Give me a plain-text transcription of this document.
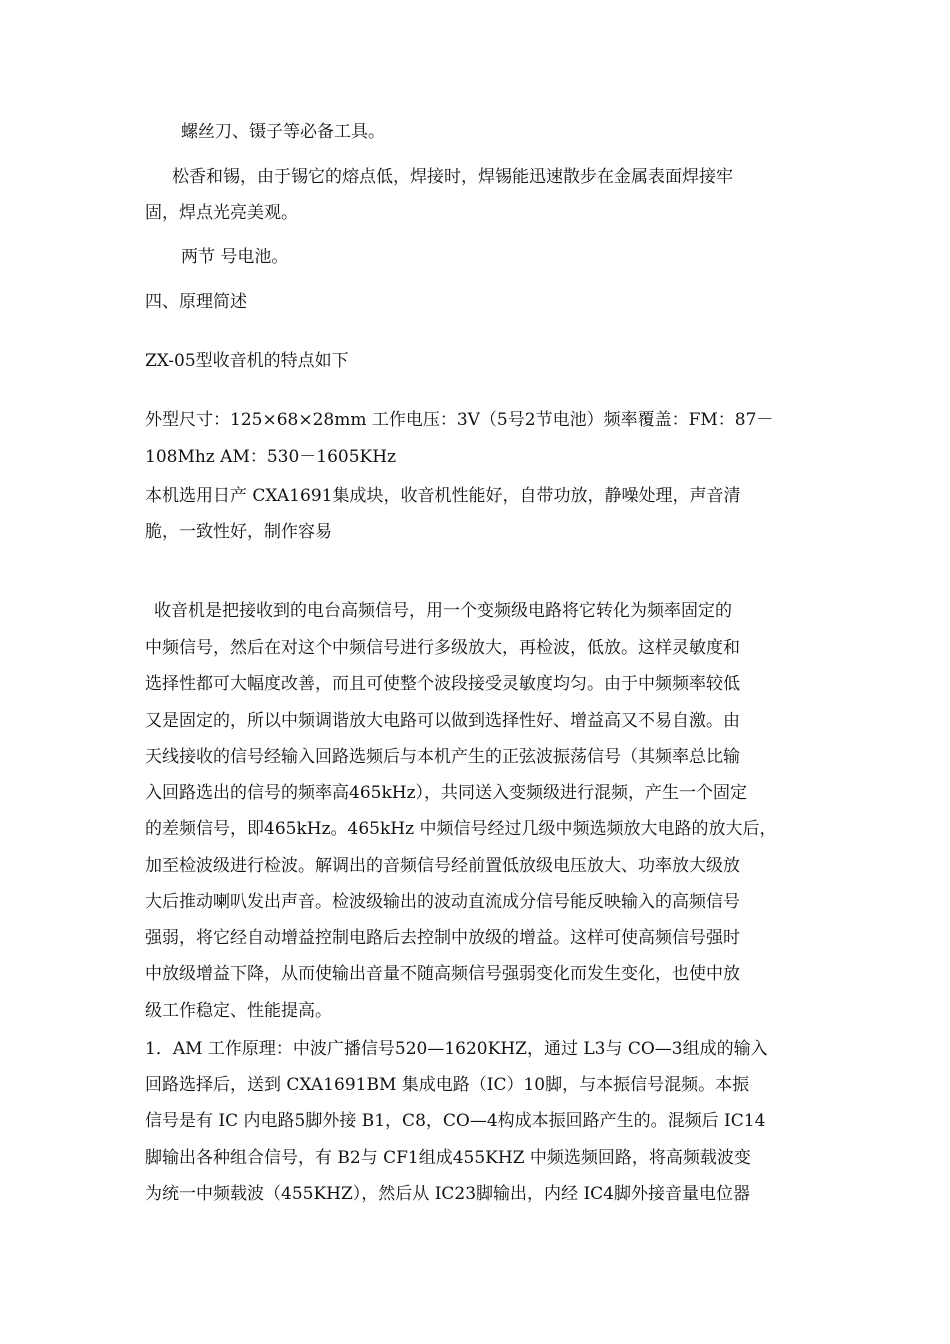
螺丝刀、镊子等必备工具。
松香和锡，由于锡它的熔点低，焊接时，焊锡能迅速散步在金属表面焊接牢
固，焊点光亮美观。
两节 号电池。
四、原理简述
ZX-05型收音机的特点如下
外型尺寸：125×68×28mm 工作电压：3V（5号2节电池）频率覆盖：FM：87－
108Mhz AM：530－1605KHz
本机选用日产 CXA1691集成块，收音机性能好，自带功放，静噪处理，声音清
脆，一致性好，制作容易
收音机是把接收到的电台高频信号，用一个变频级电路将它转化为频率固定的
中频信号，然后在对这个中频信号进行多级放大，再检波，低放。这样灵敏度和
选择性都可大幅度改善，而且可使整个波段接受灵敏度均匀。由于中频频率较低
又是固定的，所以中频调谐放大电路可以做到选择性好、增益高又不易自激。由
天线接收的信号经输入回路选频后与本机产生的正弦波振荡信号（其频率总比输
入回路选出的信号的频率高465kHz），共同送入变频级进行混频，产生一个固定
的差频信号，即465kHz。465kHz 中频信号经过几级中频选频放大电路的放大后，
加至检波级进行检波。解调出的音频信号经前置低放级电压放大、功率放大级放
大后推动喇叭发出声音。检波级输出的波动直流成分信号能反映输入的高频信号
强弱，将它经自动增益控制电路后去控制中放级的增益。这样可使高频信号强时
中放级增益下降，从而使输出音量不随高频信号强弱变化而发生变化，也使中放
级工作稳定、性能提高。
1．AM 工作原理：中波广播信号520—1620KHZ，通过 L3与 CO—3组成的输入
回路选择后，送到 CXA1691BM 集成电路（IC）10脚，与本振信号混频。本振
信号是有 IC 内电路5脚外接 B1，C8，CO—4构成本振回路产生的。混频后 IC14
脚输出各种组合信号，有 B2与 CF1组成455KHZ 中频选频回路，将高频载波变
为统一中频载波（455KHZ），然后从 IC23脚输出，内经 IC4脚外接音量电位器
